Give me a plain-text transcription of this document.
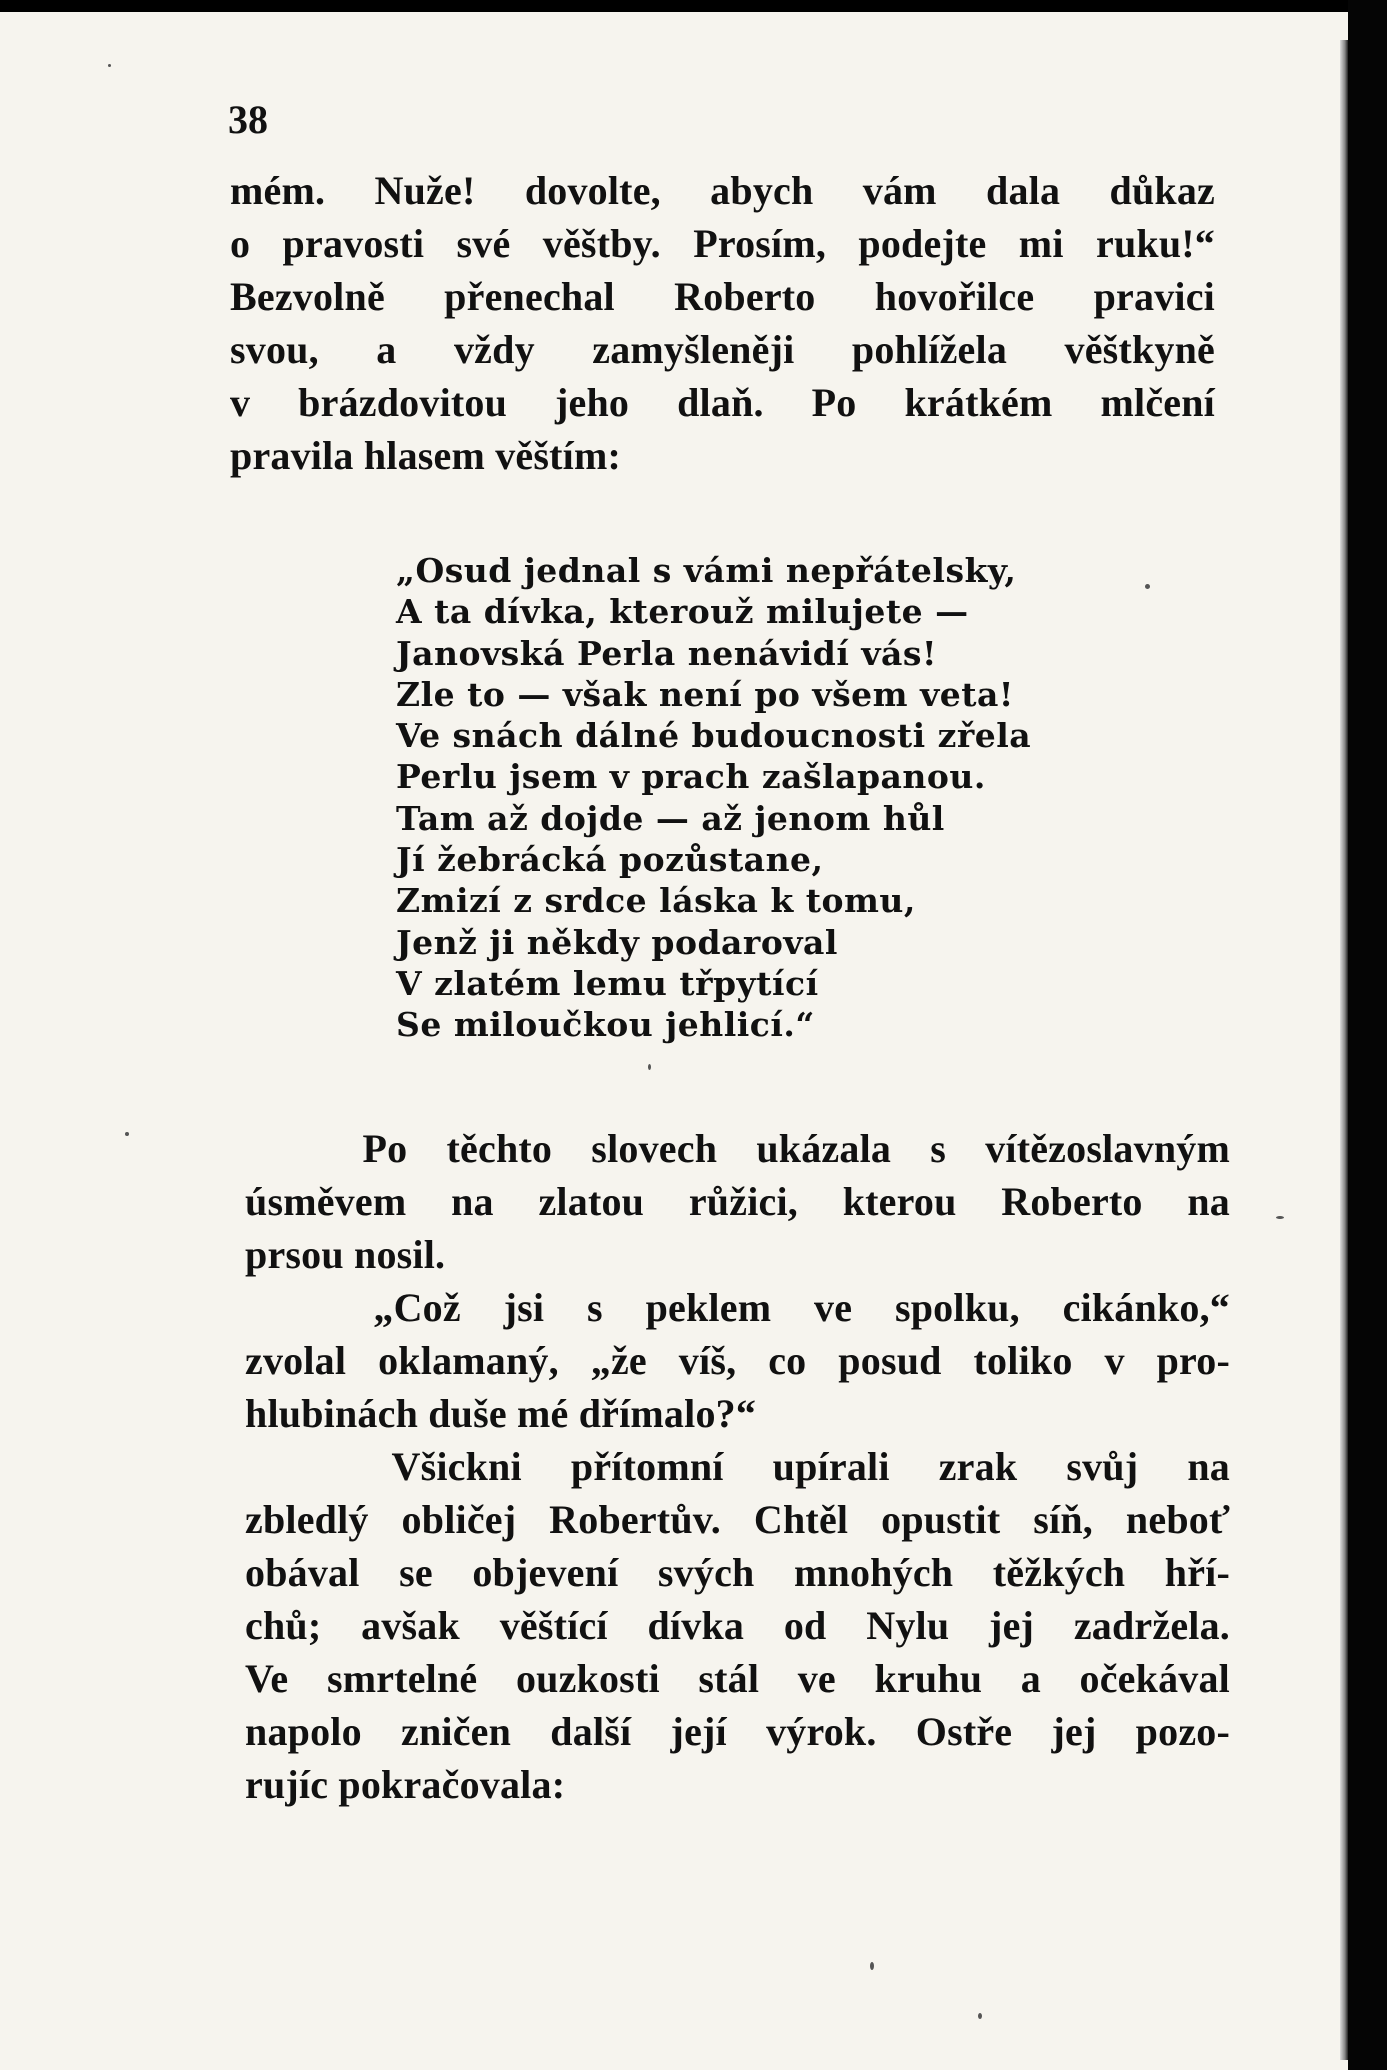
38

mém. Nuže! dovolte, abych vám dala důkaz
o pravosti své věštby. Prosím, podejte mi ruku!“
Bezvolně přenechal Roberto hovořilce pravici
svou, a vždy zamyšleněji pohlížela věštkyně
v brázdovitou jeho dlaň. Po krátkém mlčení
pravila hlasem věštím:

„Osud jednal s vámi nepřátelsky,
A ta dívka, kterouž milujete —
Janovská Perla nenávidí vás!
Zle to — však není po všem veta!
Ve snách dálné budoucnosti zřela
Perlu jsem v prach zašlapanou.
Tam až dojde — až jenom hůl
Jí žebrácká pozůstane,
Zmizí z srdce láska k tomu,
Jenž ji někdy podaroval
V zlatém lemu třpytící
Se miloučkou jehlicí.“

Po těchto slovech ukázala s vítězoslavným
úsměvem na zlatou růžici, kterou Roberto na
prsou nosil.
„Což jsi s peklem ve spolku, cikánko,“
zvolal oklamaný, „že víš, co posud toliko v pro-
hlubinách duše mé dřímalo?“
Všickni přítomní upírali zrak svůj na
zbledlý obličej Robertův. Chtěl opustit síň, neboť
obával se objevení svých mnohých těžkých hří-
chů; avšak věštící dívka od Nylu jej zadržela.
Ve smrtelné ouzkosti stál ve kruhu a očekával
napolo zničen další její výrok. Ostře jej pozo-
rujíc pokračovala:
